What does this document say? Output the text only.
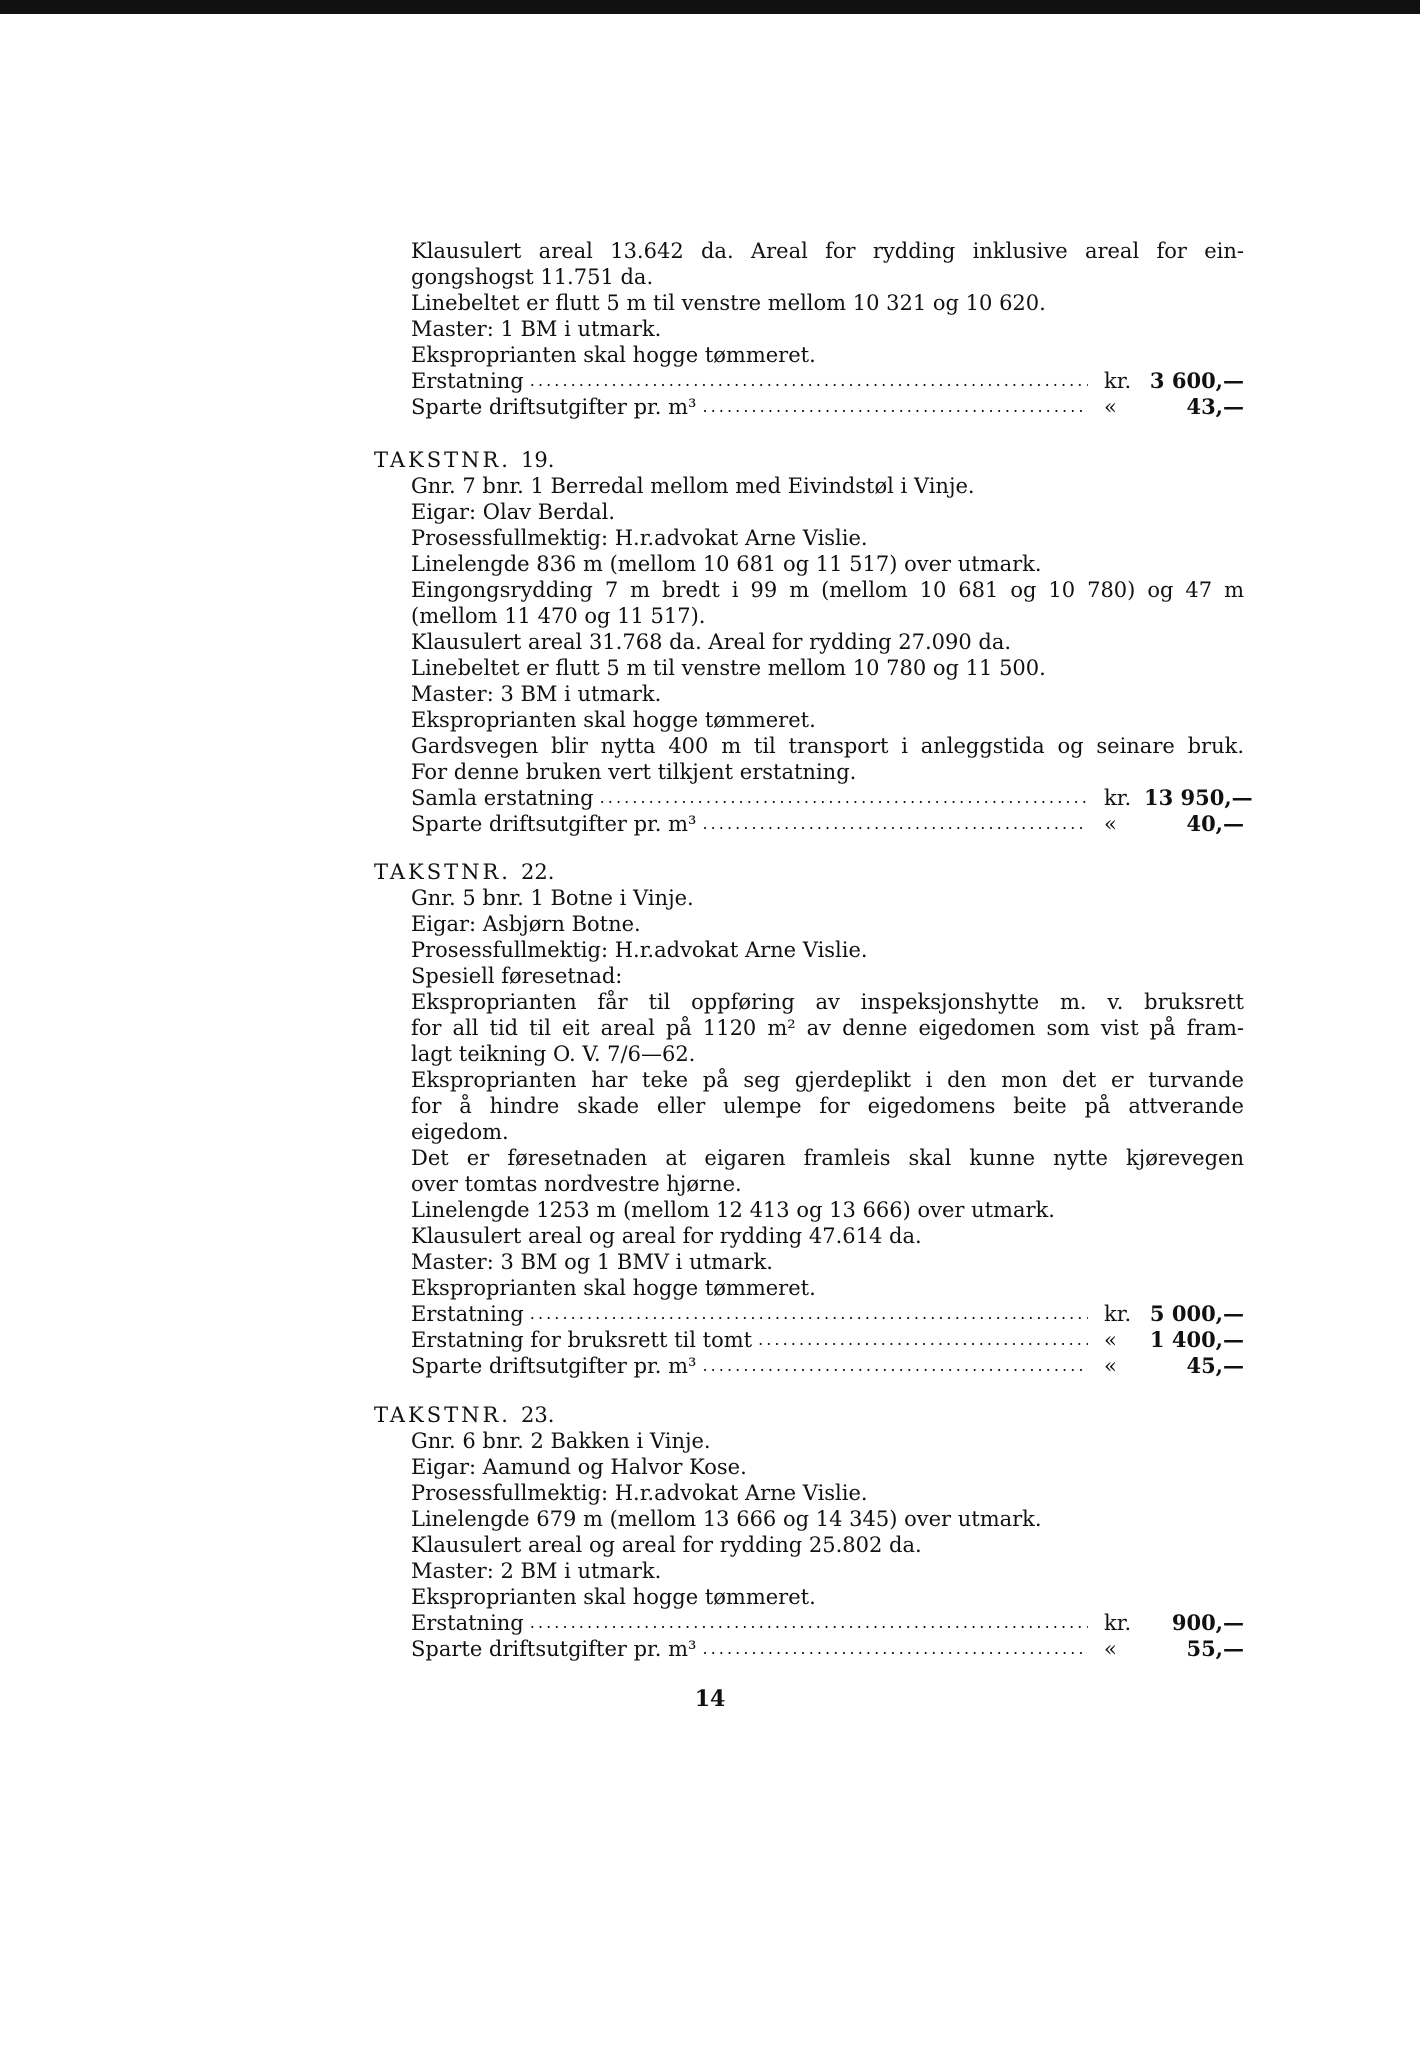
Klausulert areal 13.642 da. Areal for rydding inklusive areal for ein-
gongshogst 11.751 da.
Linebeltet er flutt 5 m til venstre mellom 10 321 og 10 620.
Master: 1 BM i utmark.
Eksproprianten skal hogge tømmeret.
Erstatning . . .	kr. 3 600,—
Sparte driftsutgifter pr. m³ . . .	«	43,—
TAKSTNR. 19.
Gnr. 7 bnr. 1 Berredal mellom med Eivindstøl i Vinje.
Eigar: Olav Berdal.
Prosessfullmektig: H.r.advokat Arne Vislie.
Linelengde 836 m (mellom 10 681 og 11 517) over utmark.
Eingongsrydding 7 m bredt i 99 m (mellom 10 681 og 10 780) og 47 m
(mellom 11 470 og 11 517).
Klausulert areal 31.768 da. Areal for rydding 27.090 da.
Linebeltet er flutt 5 m til venstre mellom 10 780 og 11 500.
Master: 3 BM i utmark.
Eksproprianten skal hogge tømmeret.
Gardsvegen blir nytta 400 m til transport i anleggstida og seinare bruk.
For denne bruken vert tilkjent erstatning.
Samla erstatning . . .	kr. 13 950,—
Sparte driftsutgifter pr. m³ . . .	«	40,—
TAKSTNR. 22.
Gnr. 5 bnr. 1 Botne i Vinje.
Eigar: Asbjørn Botne.
Prosessfullmektig: H.r.advokat Arne Vislie.
Spesiell føresetnad:
Eksproprianten får til oppføring av inspeksjonshytte m. v. bruksrett
for all tid til eit areal på 1120 m² av denne eigedomen som vist på fram-
lagt teikning O. V. 7/6—62.
Eksproprianten har teke på seg gjerdeplikt i den mon det er turvande
for å hindre skade eller ulempe for eigedomens beite på attverande
eigedom.
Det er føresetnaden at eigaren framleis skal kunne nytte kjørevegen
over tomtas nordvestre hjørne.
Linelengde 1253 m (mellom 12 413 og 13 666) over utmark.
Klausulert areal og areal for rydding 47.614 da.
Master: 3 BM og 1 BMV i utmark.
Eksproprianten skal hogge tømmeret.
Erstatning . . .	kr. 5 000,—
Erstatning for bruksrett til tomt . . .	«	1 400,—
Sparte driftsutgifter pr. m³ . . .	«	45,—
TAKSTNR. 23.
Gnr. 6 bnr. 2 Bakken i Vinje.
Eigar: Aamund og Halvor Kose.
Prosessfullmektig: H.r.advokat Arne Vislie.
Linelengde 679 m (mellom 13 666 og 14 345) over utmark.
Klausulert areal og areal for rydding 25.802 da.
Master: 2 BM i utmark.
Eksproprianten skal hogge tømmeret.
Erstatning . . .	kr.	900,—
Sparte driftsutgifter pr. m³ . . .	«	55,—
14
